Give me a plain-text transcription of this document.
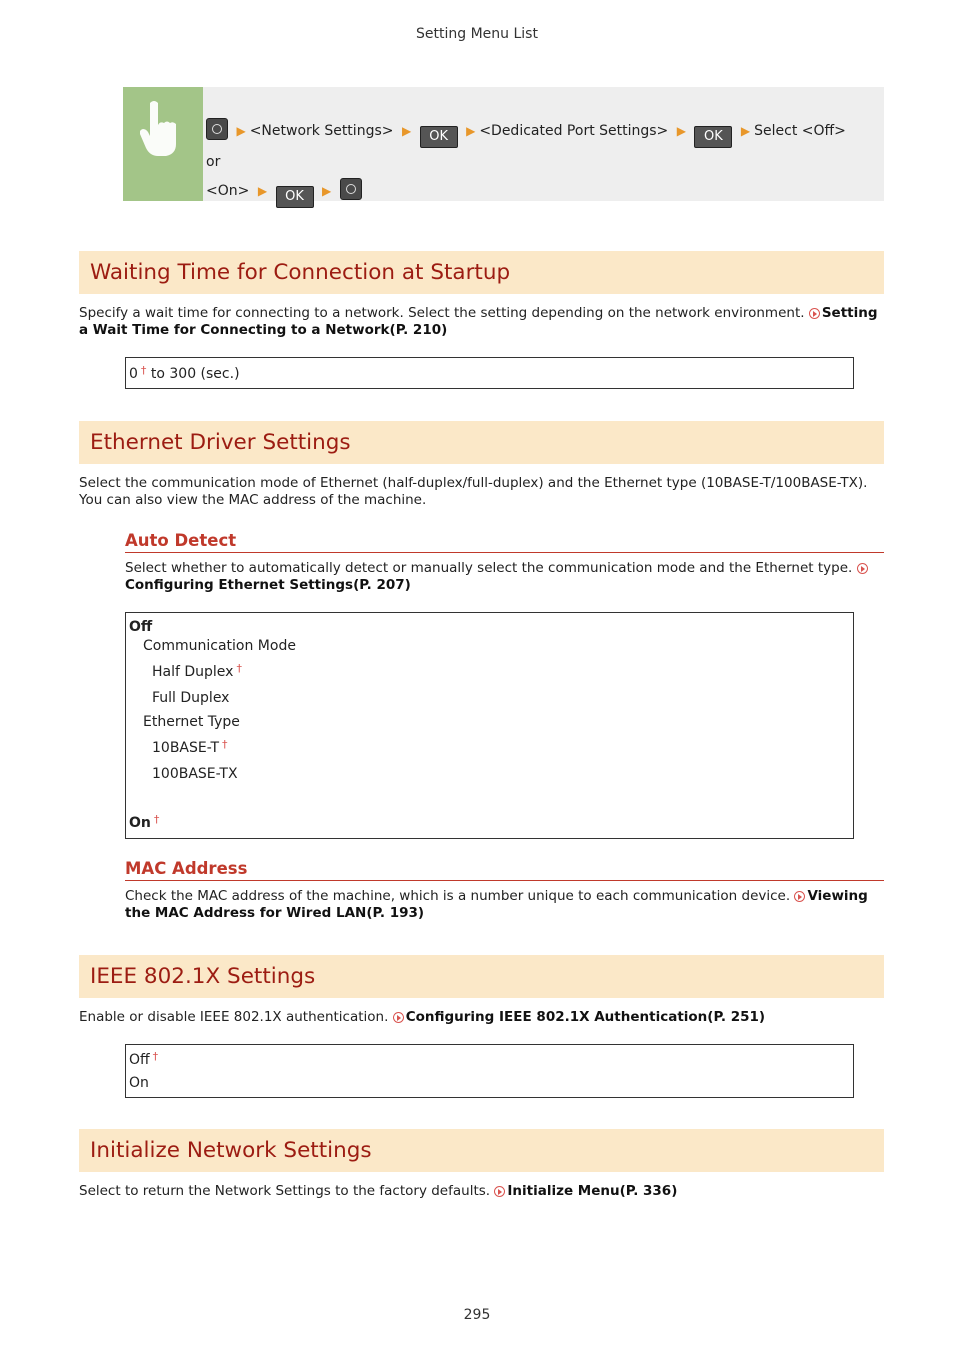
Setting Menu List
▶ <Network Settings> ▶ OK ▶ <Dedicated Port Settings> ▶ OK ▶ Select <Off> or
<On> ▶ OK ▶
Waiting Time for Connection at Startup
Specify a wait time for connecting to a network. Select the setting depending on the network environment. Setting a Wait Time for Connecting to a Network(P. 210)
0 † to 300 (sec.)
Ethernet Driver Settings
Select the communication mode of Ethernet (half-duplex/full-duplex) and the Ethernet type (10BASE-T/100BASE-TX). You can also view the MAC address of the machine.
Auto Detect
Select whether to automatically detect or manually select the communication mode and the Ethernet type.
Configuring Ethernet Settings(P. 207)
Off
Communication Mode
Half Duplex †
Full Duplex
Ethernet Type
10BASE-T †
100BASE-TX
On †
MAC Address
Check the MAC address of the machine, which is a number unique to each communication device. Viewing the MAC Address for Wired LAN(P. 193)
IEEE 802.1X Settings
Enable or disable IEEE 802.1X authentication. Configuring IEEE 802.1X Authentication(P. 251)
Off †
On
Initialize Network Settings
Select to return the Network Settings to the factory defaults. Initialize Menu(P. 336)
295
